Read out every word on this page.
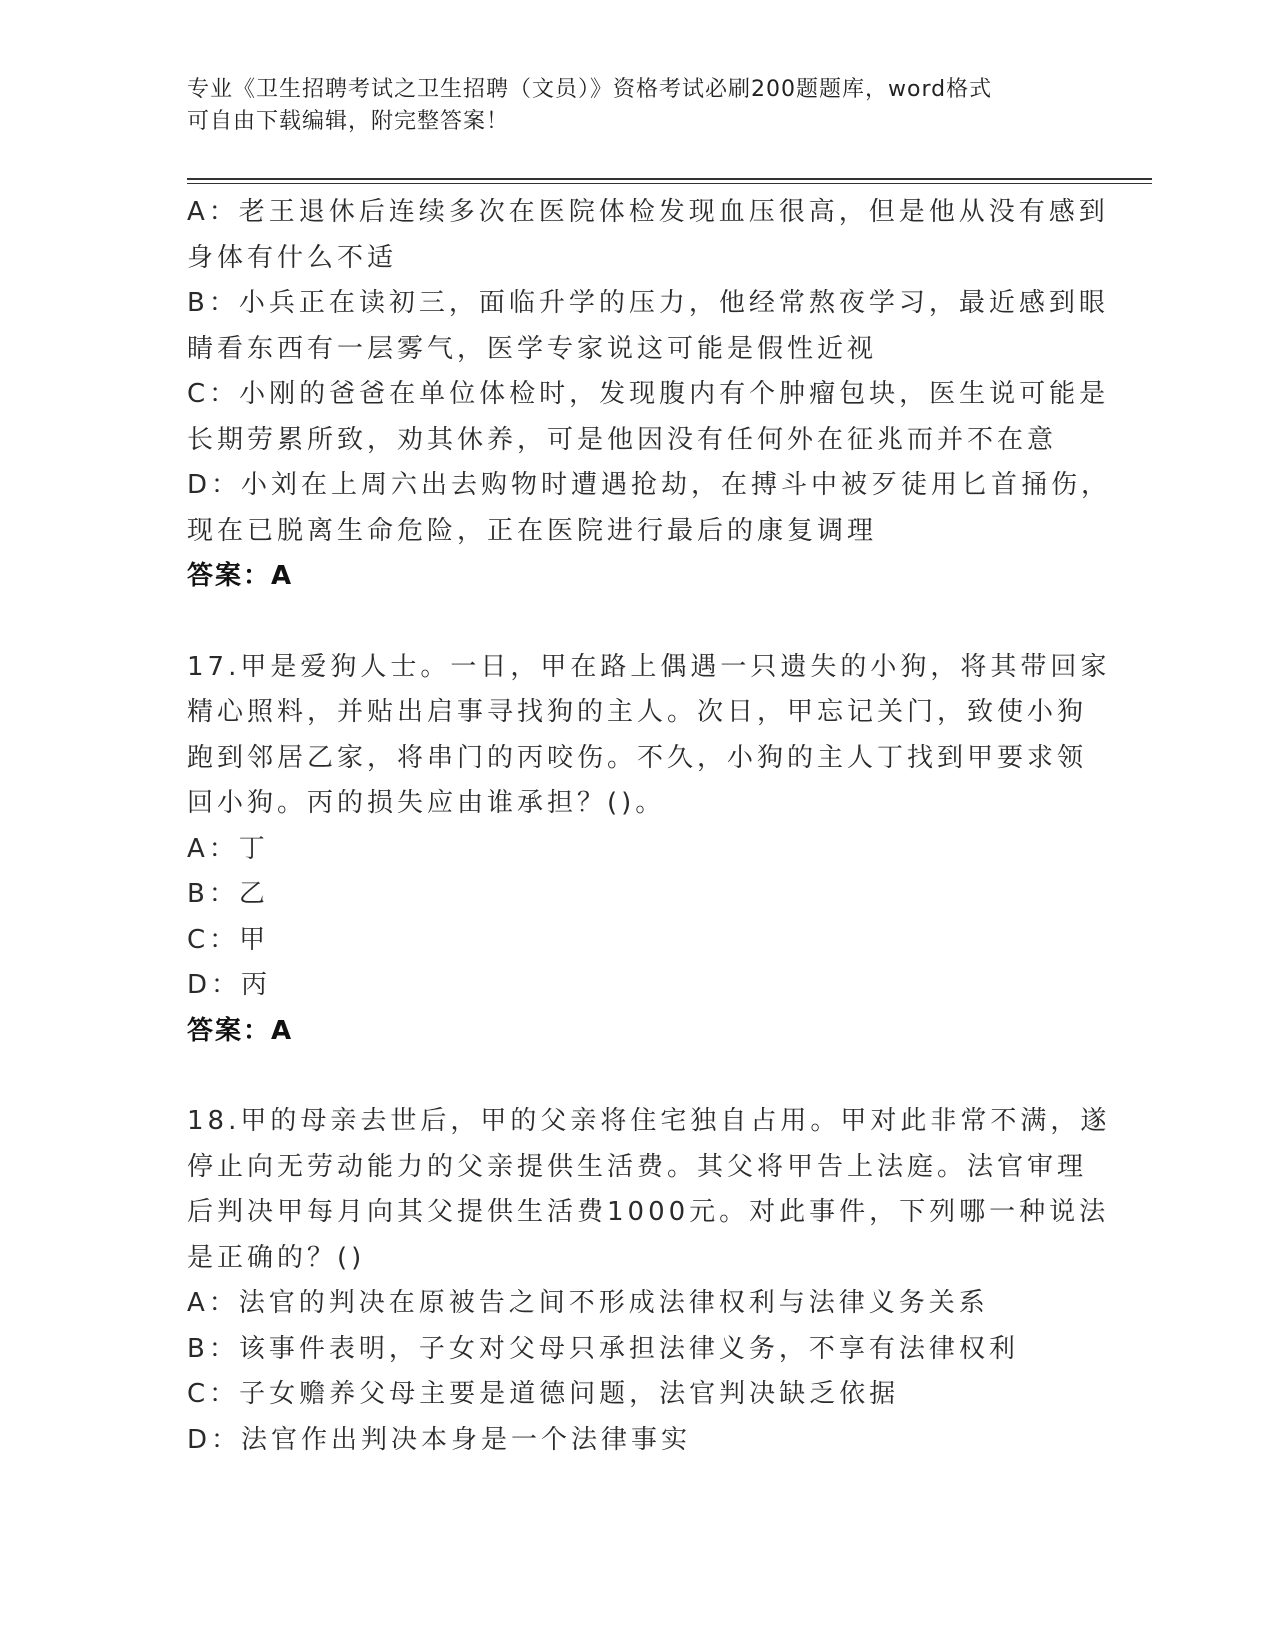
专业《卫生招聘考试之卫生招聘（文员）》资格考试必刷200题题库，word格式
可自由下载编辑，附完整答案！
A：老王退休后连续多次在医院体检发现血压很高，但是他从没有感到
身体有什么不适
B：小兵正在读初三，面临升学的压力，他经常熬夜学习，最近感到眼
睛看东西有一层雾气，医学专家说这可能是假性近视
C：小刚的爸爸在单位体检时，发现腹内有个肿瘤包块，医生说可能是
长期劳累所致，劝其休养，可是他因没有任何外在征兆而并不在意
D：小刘在上周六出去购物时遭遇抢劫，在搏斗中被歹徒用匕首捅伤，
现在已脱离生命危险，正在医院进行最后的康复调理
答案：A
17.甲是爱狗人士。一日，甲在路上偶遇一只遗失的小狗，将其带回家
精心照料，并贴出启事寻找狗的主人。次日，甲忘记关门，致使小狗
跑到邻居乙家，将串门的丙咬伤。不久，小狗的主人丁找到甲要求领
回小狗。丙的损失应由谁承担？()。
A：丁
B：乙
C：甲
D：丙
答案：A
18.甲的母亲去世后，甲的父亲将住宅独自占用。甲对此非常不满，遂
停止向无劳动能力的父亲提供生活费。其父将甲告上法庭。法官审理
后判决甲每月向其父提供生活费1000元。对此事件，下列哪一种说法
是正确的？()
A：法官的判决在原被告之间不形成法律权利与法律义务关系
B：该事件表明，子女对父母只承担法律义务，不享有法律权利
C：子女赡养父母主要是道德问题，法官判决缺乏依据
D：法官作出判决本身是一个法律事实
